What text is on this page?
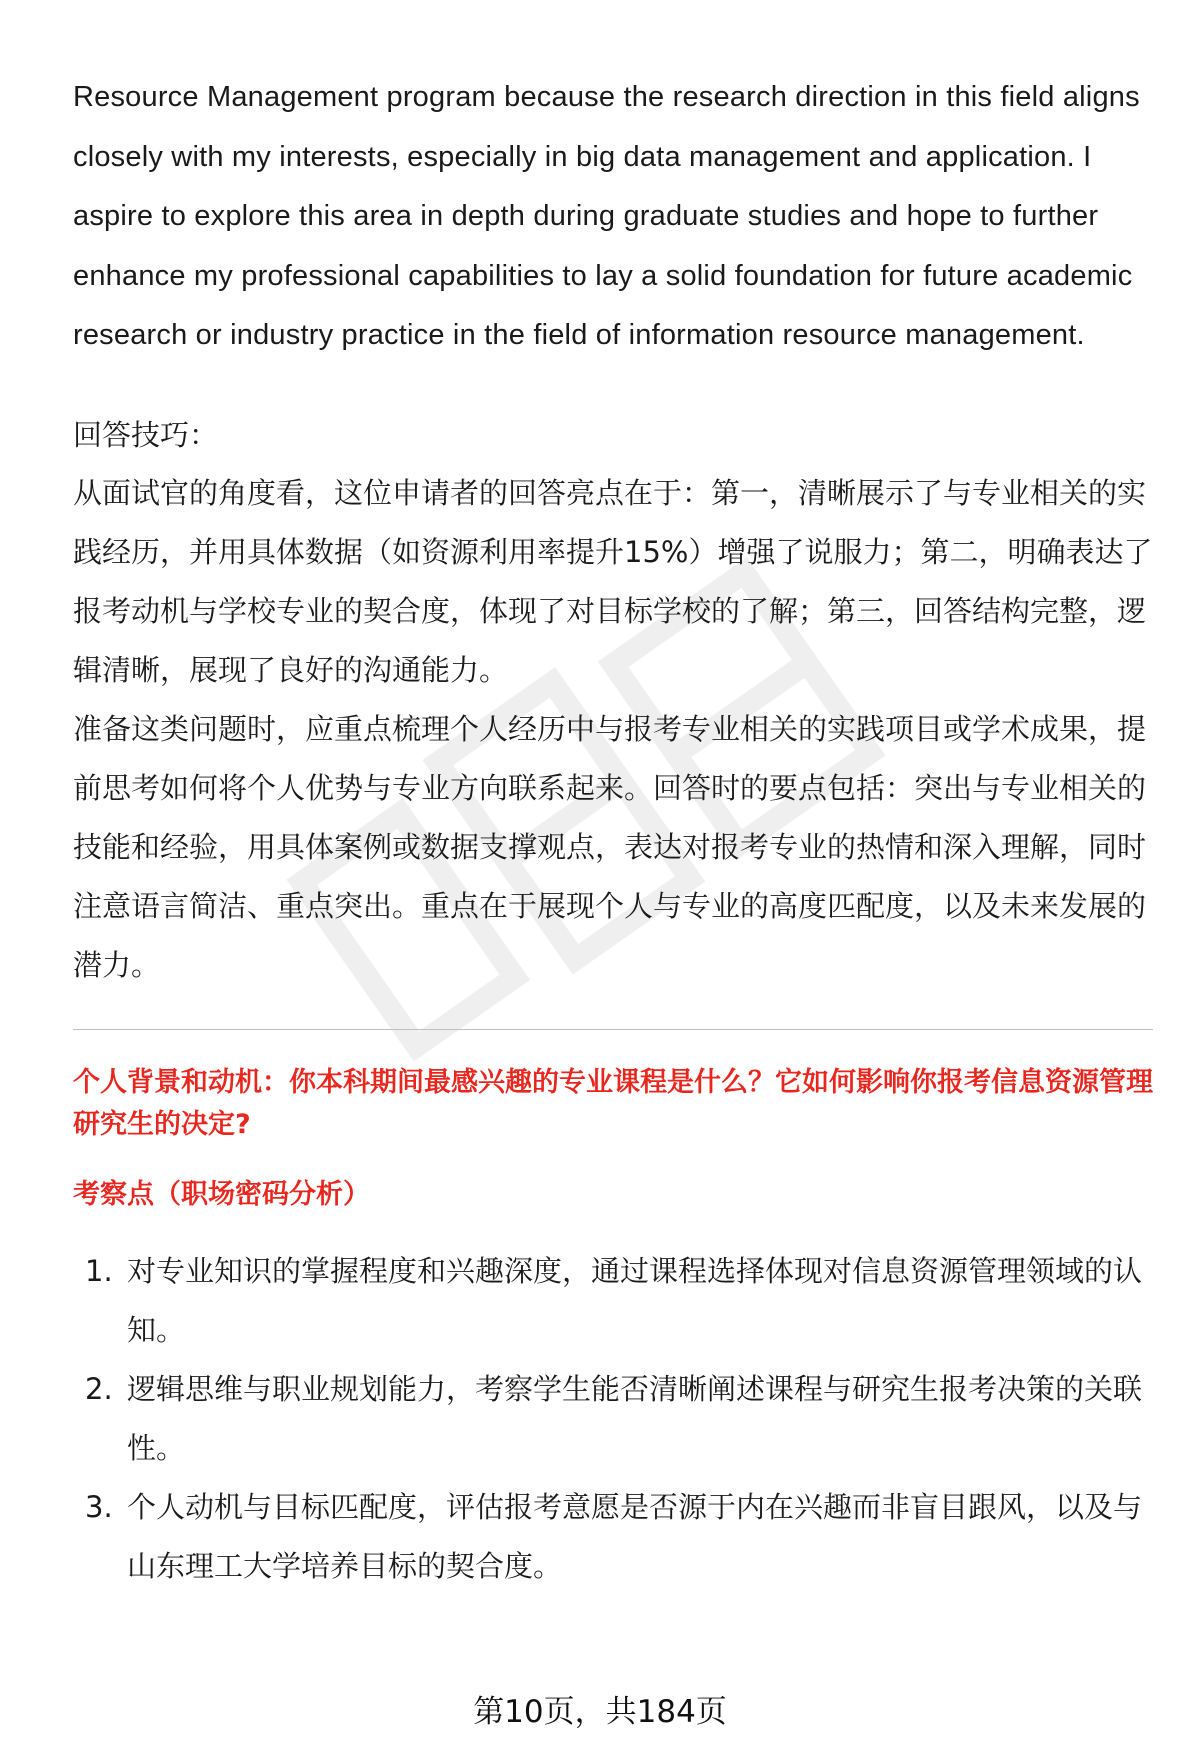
Resource Management program because the research direction in this field aligns closely with my interests, especially in big data management and application. I aspire to explore this area in depth during graduate studies and hope to further enhance my professional capabilities to lay a solid foundation for future academic research or industry practice in the field of information resource management.

回答技巧：

从面试官的角度看，这位申请者的回答亮点在于：第一，清晰展示了与专业相关的实践经历，并用具体数据（如资源利用率提升15%）增强了说服力；第二，明确表达了报考动机与学校专业的契合度，体现了对目标学校的了解；第三，回答结构完整，逻辑清晰，展现了良好的沟通能力。

准备这类问题时，应重点梳理个人经历中与报考专业相关的实践项目或学术成果，提前思考如何将个人优势与专业方向联系起来。回答时的要点包括：突出与专业相关的技能和经验，用具体案例或数据支撑观点，表达对报考专业的热情和深入理解，同时注意语言简洁、重点突出。重点在于展现个人与专业的高度匹配度，以及未来发展的潜力。

个人背景和动机：你本科期间最感兴趣的专业课程是什么？它如何影响你报考信息资源管理研究生的决定?

考察点（职场密码分析）

1. 对专业知识的掌握程度和兴趣深度，通过课程选择体现对信息资源管理领域的认知。
2. 逻辑思维与职业规划能力，考察学生能否清晰阐述课程与研究生报考决策的关联性。
3. 个人动机与目标匹配度，评估报考意愿是否源于内在兴趣而非盲目跟风，以及与山东理工大学培养目标的契合度。
第10页，共184页
